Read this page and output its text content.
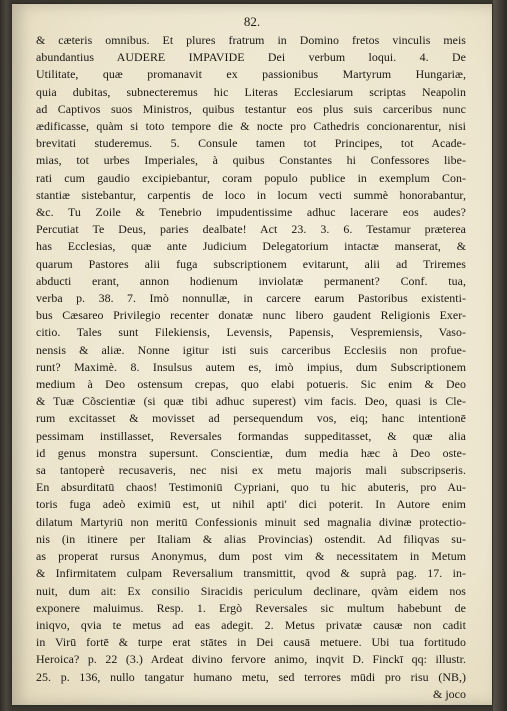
82.
& cæteris omnibus. Et plures fratrum in Domino fretos vinculis meis
abundantius AUDERE IMPAVIDE Dei verbum loqui. 4. De
Utilitate, quæ promanavit ex passionibus Martyrum Hungariæ,
quia dubitas, subnecteremus hic Literas Ecclesiarum scriptas Neapolin
ad Captivos suos Ministros, quibus testantur eos plus suis carceribus nunc
ædificasse, quàm si toto tempore die & nocte pro Cathedris concionarentur, nisi
brevitati studeremus. 5. Consule tamen tot Principes, tot Acade-
mias, tot urbes Imperiales, à quibus Constantes hi Confessores libe-
rati cum gaudio excipiebantur, coram populo publice in exemplum Con-
stantiæ sistebantur, carpentis de loco in locum vecti summè honorabantur,
&c. Tu Zoile & Tenebrio impudentissime adhuc lacerare eos audes?
Percutiat Te Deus, paries dealbate! Act 23. 3. 6. Testamur præterea
has Ecclesias, quæ ante Judicium Delegatorium intactæ manserat, &
quarum Pastores alii fuga subscriptionem evitarunt, alii ad Triremes
abducti erant, annon hodienum inviolatæ permanent? Conf. tua,
verba p. 38. 7. Imò nonnullæ, in carcere earum Pastoribus existenti-
bus Cæsareo Privilegio recenter donatæ nunc libero gaudent Religionis Exer-
citio. Tales sunt Filekiensis, Levensis, Papensis, Vespremiensis, Vaso-
nensis & aliæ. Nonne igitur isti suis carceribus Ecclesiis non profue-
runt? Maximè. 8. Insulsus autem es, imò impius, dum Subscriptionem
medium à Deo ostensum crepas, quo elabi potueris. Sic enim & Deo
& Tuæ Cõscientiæ (si quæ tibi adhuc superest) vim facis. Deo, quasi is Cle-
rum excitasset & movisset ad persequendum vos, eiq; hanc intentionē
pessimam instillasset, Reversales formandas suppeditasset, & quæ alia
id genus monstra supersunt. Conscientiæ, dum media hæc à Deo oste-
sa tantoperè recusaveris, nec nisi ex metu majoris mali subscripseris.
En absurditatū chaos! Testimoniū Cypriani, quo tu hic abuteris, pro Au-
toris fuga adeò eximiū est, ut nihil apti' dici poterit. In Autore enim
dilatum Martyriū non meritū Confessionis minuit sed magnalia divinæ protectio-
nis (in itinere per Italiam & alias Provincias) ostendit. Ad filiqvas su-
as properat rursus Anonymus, dum post vim & necessitatem in Metum
& Infirmitatem culpam Reversalium transmittit, qvod & suprà pag. 17. in-
nuit, dum ait: Ex consilio Siracidis periculum declinare, qvàm eidem nos
exponere maluimus. Resp. 1. Ergò Reversales sic multum habebunt de
iniqvo, qvia te metus ad eas adegit. 2. Metus privatæ causæ non cadit
in Virū fortē & turpe erat stātes in Dei causā metuere. Ubi tua fortitudo
Heroica? p. 22 (3.) Ardeat divino fervore animo, inqvit D. Finckī qq: illustr.
25. p. 136, nullo tangatur humano metu, sed terrores mūdi pro risu (NB,)
& joco
